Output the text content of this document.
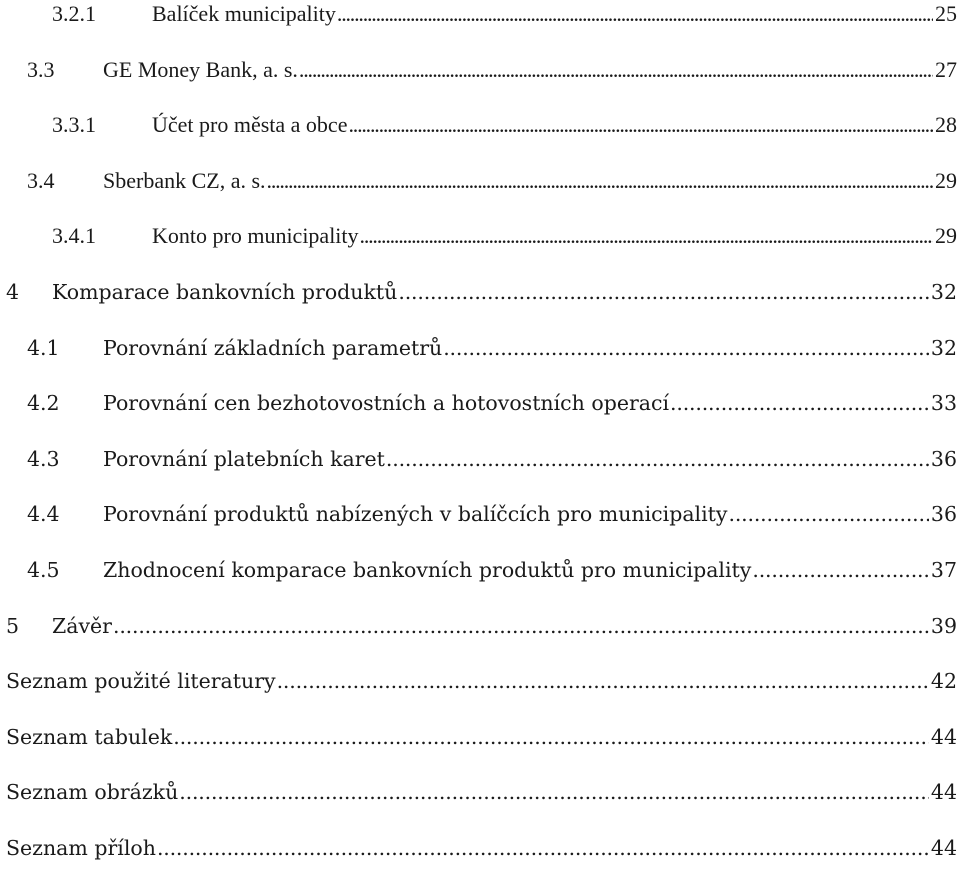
3.2.1	Balíček municipality . . .	25
3.3 GE Money Bank, a. s. . . .	27
3.3.1	Účet pro města a obce . . .	28
3.4 Sberbank CZ, a. s. . . .	29
3.4.1	Konto pro municipality . . .	29
4 Komparace bankovních produktů . . .	32
4.1 Porovnání základních parametrů . . .	32
4.2 Porovnání cen bezhotovostních a hotovostních operací . . .	33
4.3 Porovnání platebních karet . . .	36
4.4 Porovnání produktů nabízených v balíčcích pro municipality . . .	36
4.5 Zhodnocení komparace bankovních produktů pro municipality . . .	37
5 Závěr . . .	39
Seznam použité literatury . . .	42
Seznam tabulek . . .	44
Seznam obrázků . . .	44
Seznam příloh . . .	44
